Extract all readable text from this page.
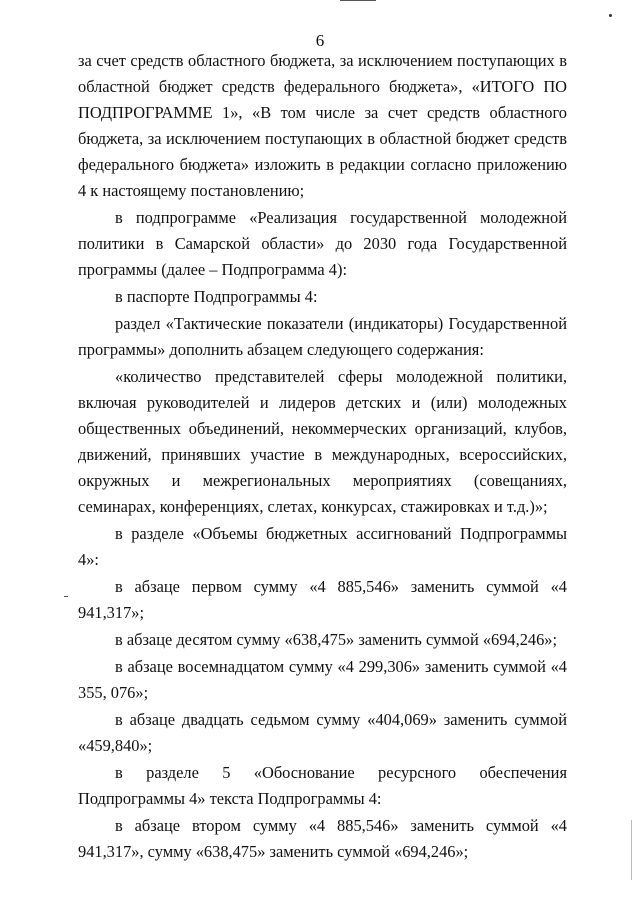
6

за счет средств областного бюджета, за исключением поступающих в областной бюджет средств федерального бюджета», «ИТОГО ПО ПОДПРОГРАММЕ 1», «В том числе за счет средств областного бюджета, за исключением поступающих в областной бюджет средств федерального бюджета» изложить в редакции согласно приложению 4 к настоящему постановлению;

в подпрограмме «Реализация государственной молодежной политики в Самарской области» до 2030 года Государственной программы (далее – Подпрограмма 4):

в паспорте Подпрограммы 4:

раздел «Тактические показатели (индикаторы) Государственной программы» дополнить абзацем следующего содержания:

«количество представителей сферы молодежной политики, включая руководителей и лидеров детских и (или) молодежных общественных объединений, некоммерческих организаций, клубов, движений, принявших участие в международных, всероссийских, окружных и межрегиональных мероприятиях (совещаниях, семинарах, конференциях, слетах, конкурсах, стажировках и т.д.)»;

в разделе «Объемы бюджетных ассигнований Подпрограммы 4»:

в абзаце первом сумму «4 885,546» заменить суммой «4 941,317»;

в абзаце десятом сумму «638,475» заменить суммой «694,246»;

в абзаце восемнадцатом сумму «4 299,306» заменить суммой «4 355, 076»;

в абзаце двадцать седьмом сумму «404,069» заменить суммой «459,840»;

в разделе 5 «Обоснование ресурсного обеспечения Подпрограммы 4» текста Подпрограммы 4:

в абзаце втором сумму «4 885,546» заменить суммой «4 941,317», сумму «638,475» заменить суммой «694,246»;
